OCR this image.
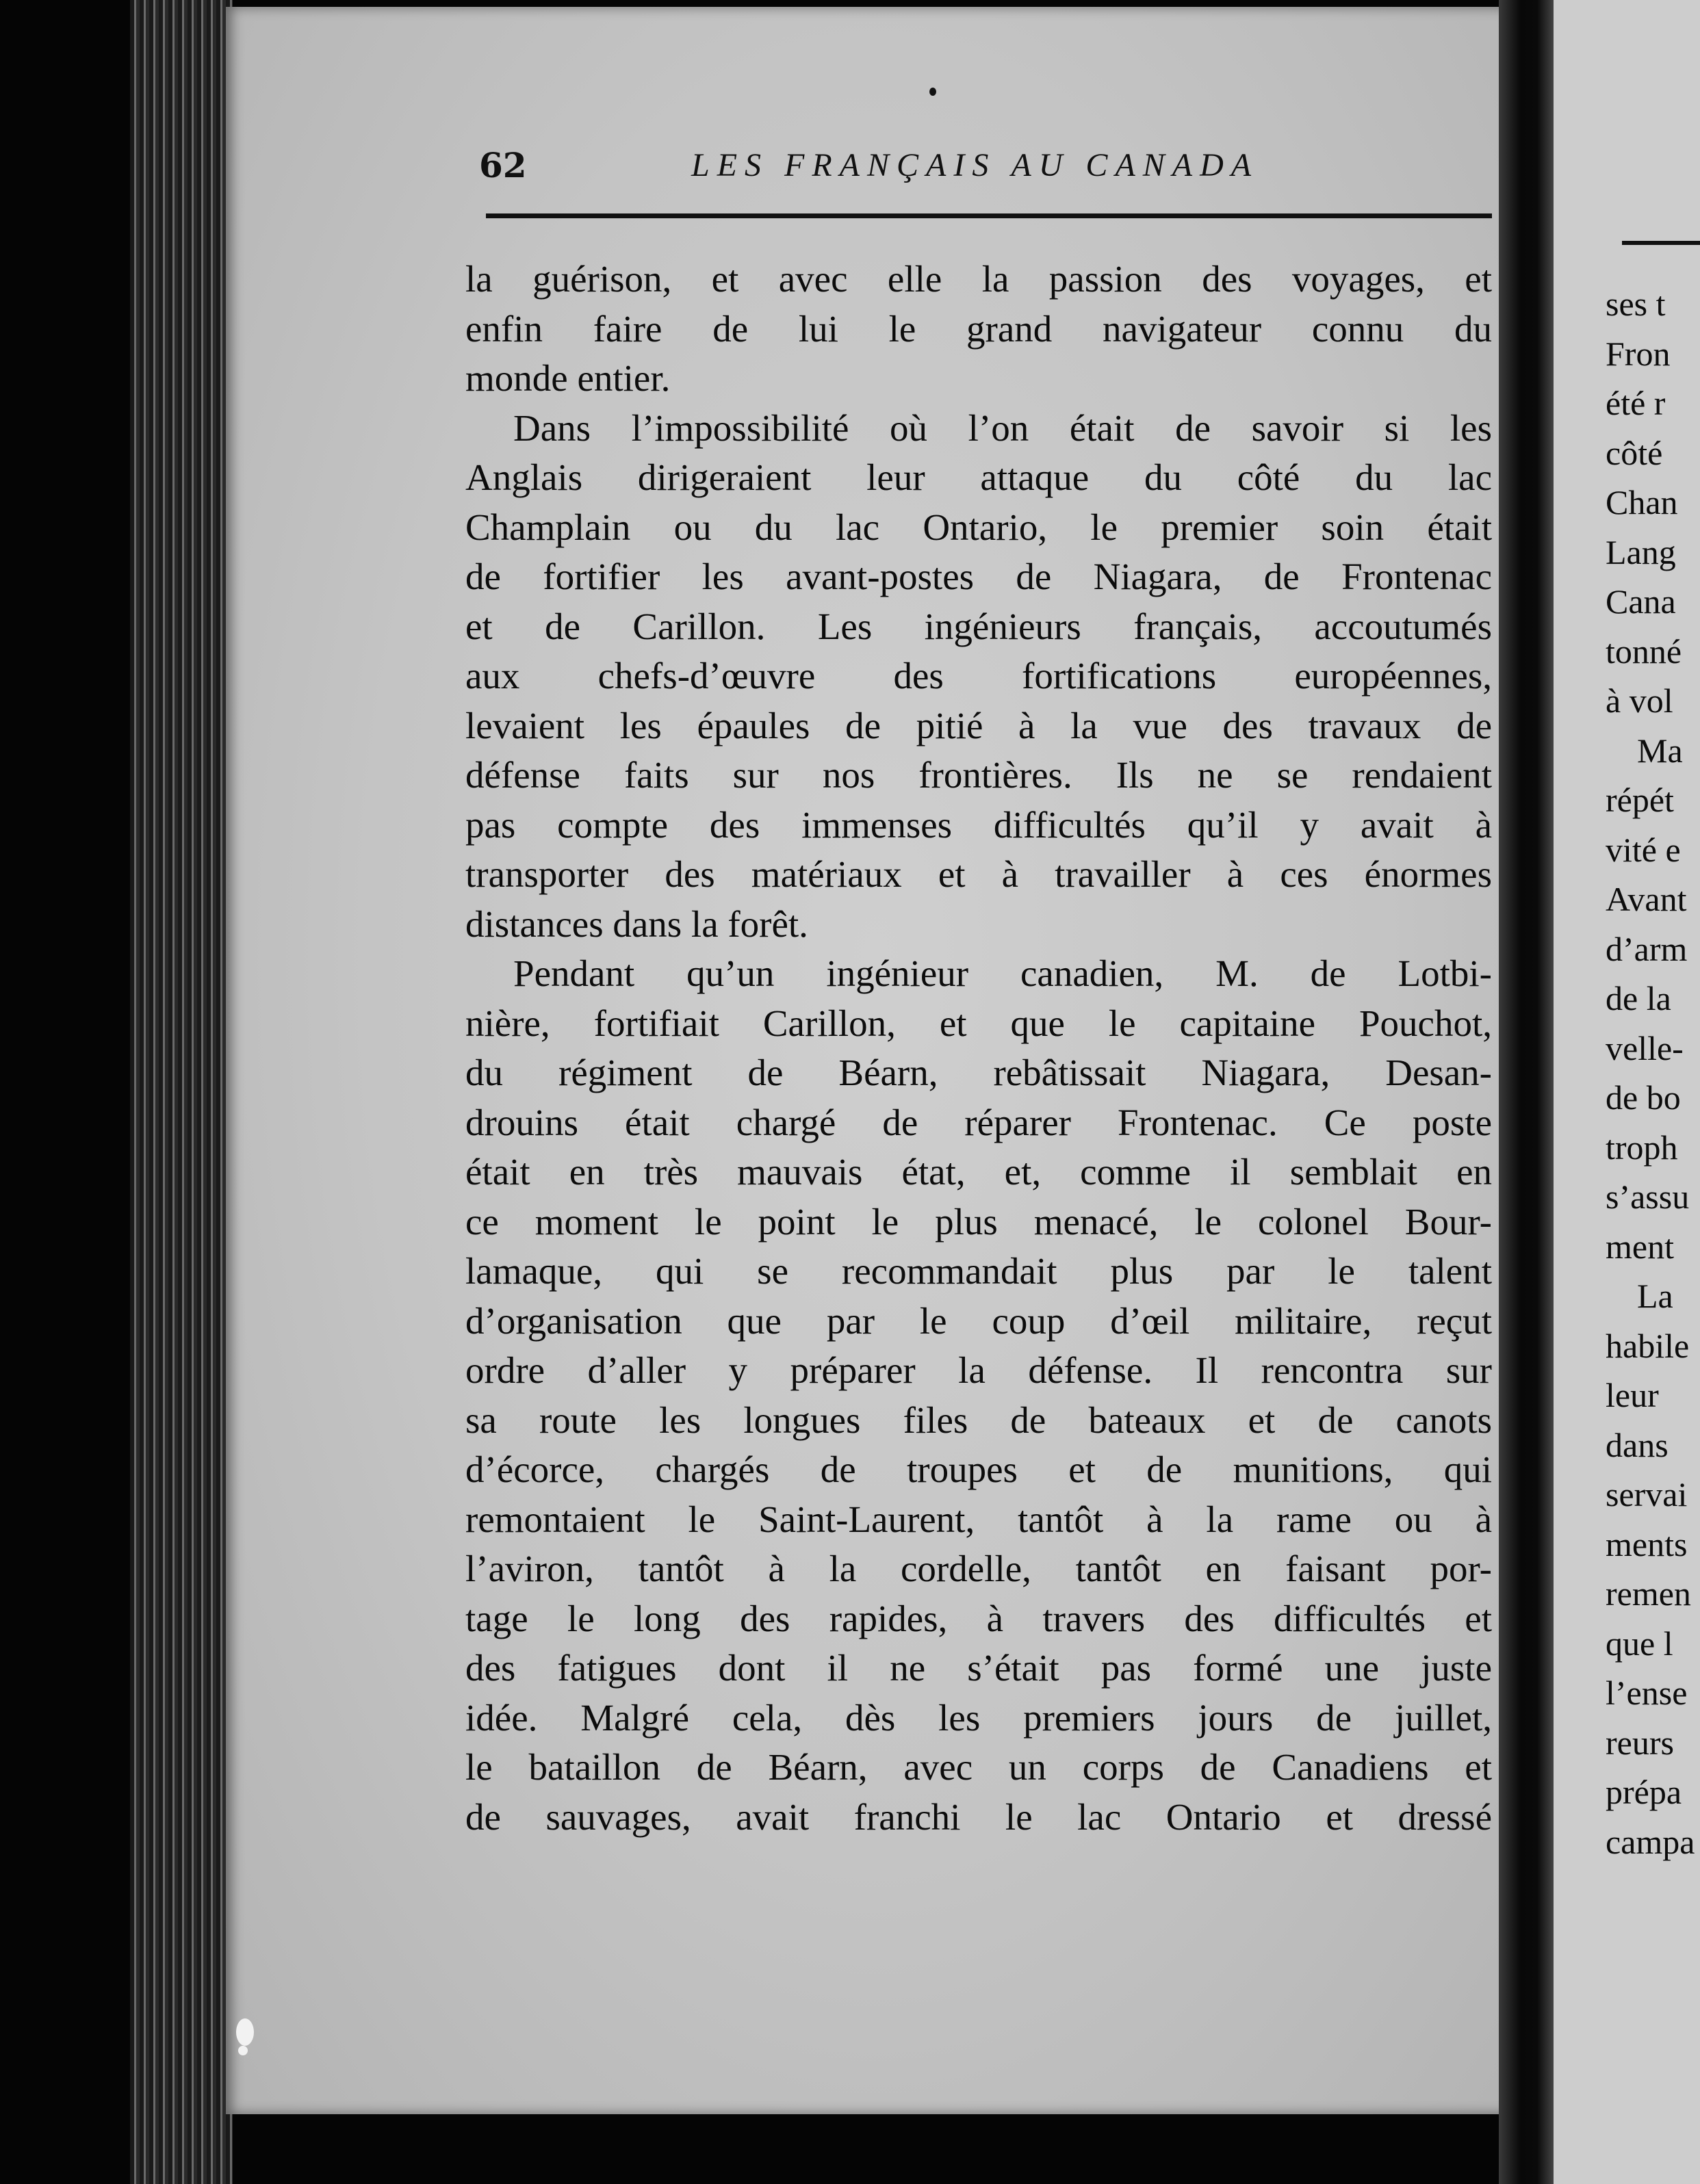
ses t
Fron
été r
côté
Chan
Lang
Cana
tonné
à vol
Ma
répét
vité e
Avant
d’arm
de la
velle-
de bo
troph
s’assu
ment
La
habile
leur
dans
servai
ments
remen
que l
l’ense
reurs
prépa
campa
62	LES FRANÇAIS AU CANADA
la guérison, et avec elle la passion des voyages, et
enfin faire de lui le grand navigateur connu du
monde entier.
Dans l’impossibilité où l’on était de savoir si les
Anglais dirigeraient leur attaque du côté du lac
Champlain ou du lac Ontario, le premier soin était
de fortifier les avant-postes de Niagara, de Frontenac
et de Carillon. Les ingénieurs français, accoutumés
aux chefs-d’œuvre des fortifications européennes,
levaient les épaules de pitié à la vue des travaux de
défense faits sur nos frontières. Ils ne se rendaient
pas compte des immenses difficultés qu’il y avait à
transporter des matériaux et à travailler à ces énormes
distances dans la forêt.
Pendant qu’un ingénieur canadien, M. de Lotbi-
nière, fortifiait Carillon, et que le capitaine Pouchot,
du régiment de Béarn, rebâtissait Niagara, Desan-
drouins était chargé de réparer Frontenac. Ce poste
était en très mauvais état, et, comme il semblait en
ce moment le point le plus menacé, le colonel Bour-
lamaque, qui se recommandait plus par le talent
d’organisation que par le coup d’œil militaire, reçut
ordre d’aller y préparer la défense. Il rencontra sur
sa route les longues files de bateaux et de canots
d’écorce, chargés de troupes et de munitions, qui
remontaient le Saint-Laurent, tantôt à la rame ou à
l’aviron, tantôt à la cordelle, tantôt en faisant por-
tage le long des rapides, à travers des difficultés et
des fatigues dont il ne s’était pas formé une juste
idée. Malgré cela, dès les premiers jours de juillet,
le bataillon de Béarn, avec un corps de Canadiens et
de sauvages, avait franchi le lac Ontario et dressé
